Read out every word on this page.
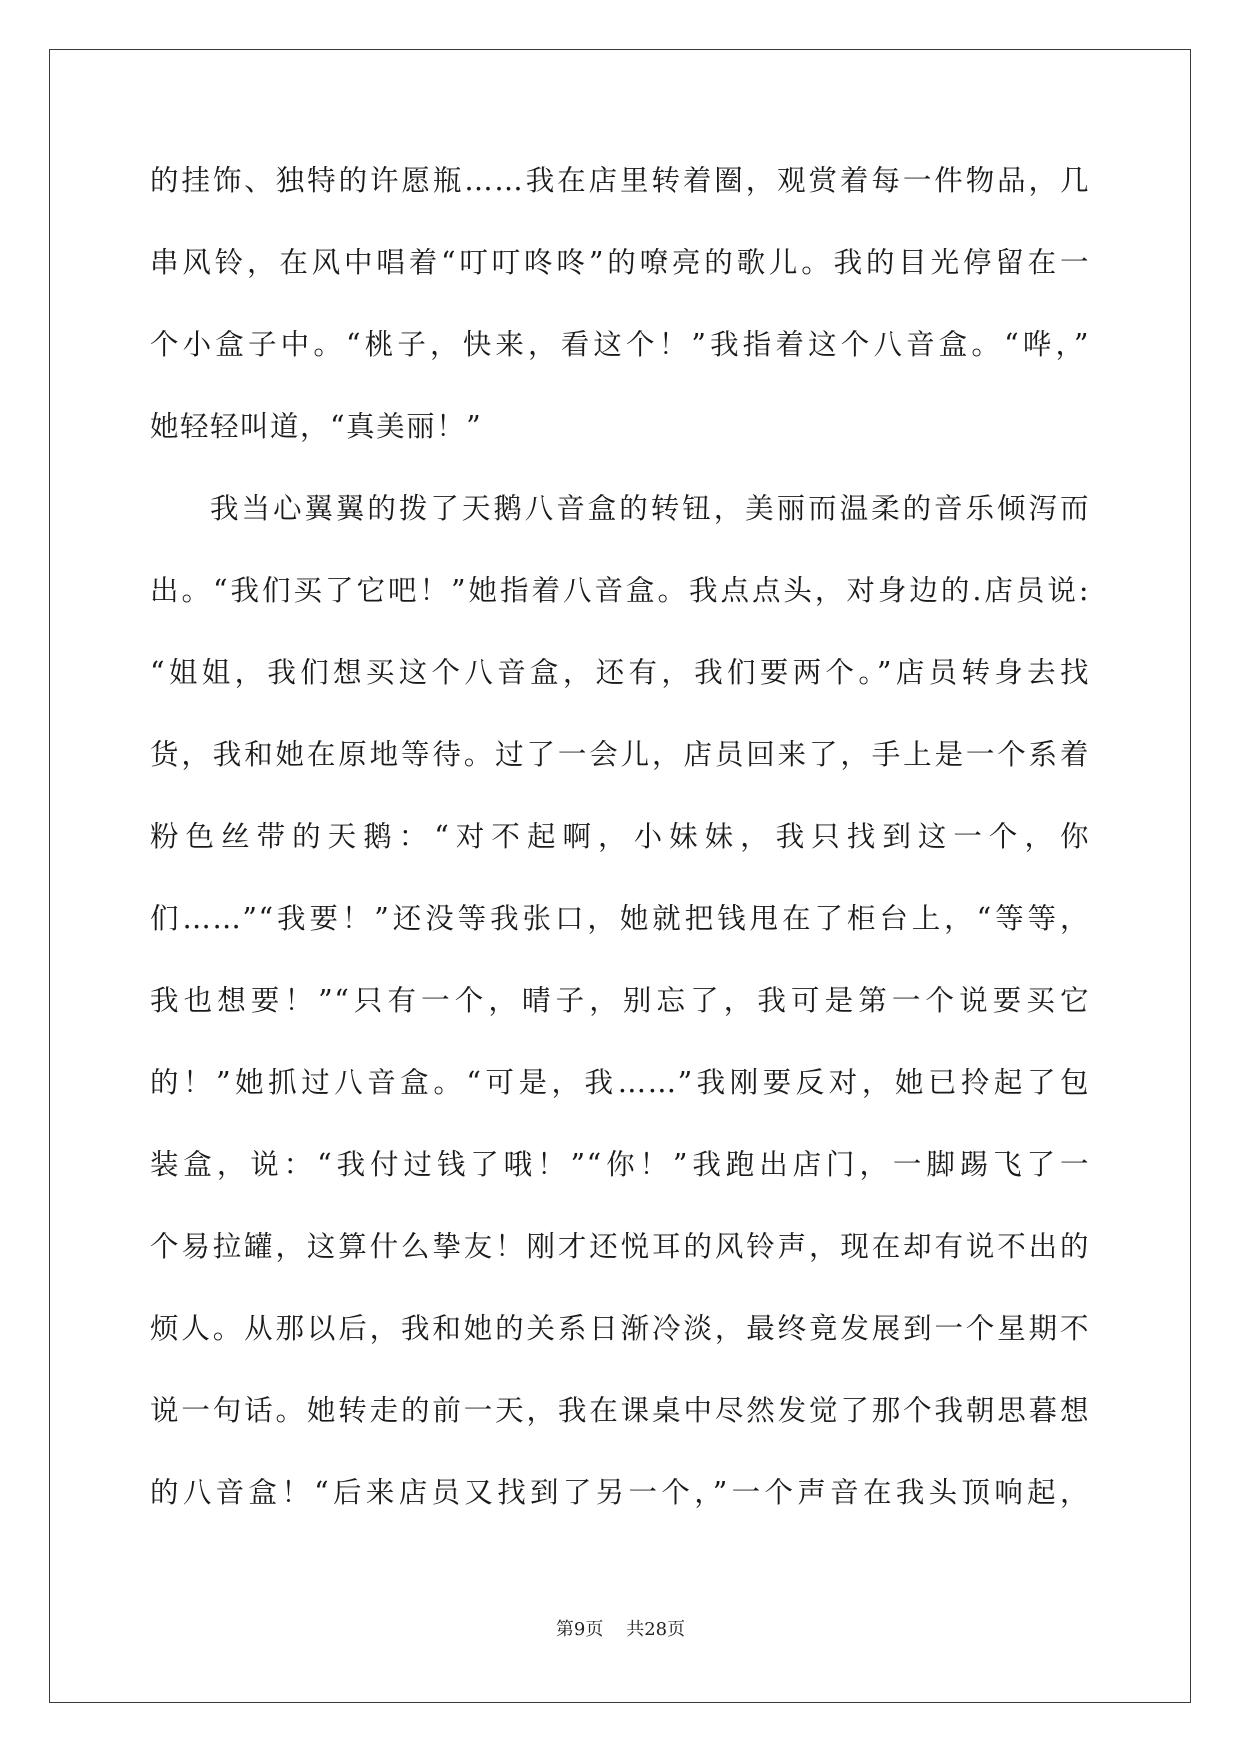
的挂饰、独特的许愿瓶……我在店里转着圈，观赏着每一件物品，几
串风铃，在风中唱着“叮叮咚咚”的嘹亮的歌儿。我的目光停留在一
个小盒子中。“桃子，快来，看这个！”我指着这个八音盒。“哗，”
她轻轻叫道，“真美丽！”
我当心翼翼的拨了天鹅八音盒的转钮，美丽而温柔的音乐倾泻而
出。“我们买了它吧！”她指着八音盒。我点点头，对身边的.店员说:
“姐姐，我们想买这个八音盒，还有，我们要两个。”店员转身去找
货，我和她在原地等待。过了一会儿，店员回来了，手上是一个系着
粉色丝带的天鹅：“对不起啊，小妹妹，我只找到这一个，你
们……”“我要！”还没等我张口，她就把钱甩在了柜台上，“等等，
我也想要！”“只有一个，晴子，别忘了，我可是第一个说要买它
的！”她抓过八音盒。“可是，我……”我刚要反对，她已拎起了包
装盒，说：“我付过钱了哦！”“你！”我跑出店门，一脚踢飞了一
个易拉罐，这算什么挚友！刚才还悦耳的风铃声，现在却有说不出的
烦人。从那以后，我和她的关系日渐冷淡，最终竟发展到一个星期不
说一句话。她转走的前一天，我在课桌中尽然发觉了那个我朝思暮想
的八音盒！“后来店员又找到了另一个，”一个声音在我头顶响起，
第9页 共28页
